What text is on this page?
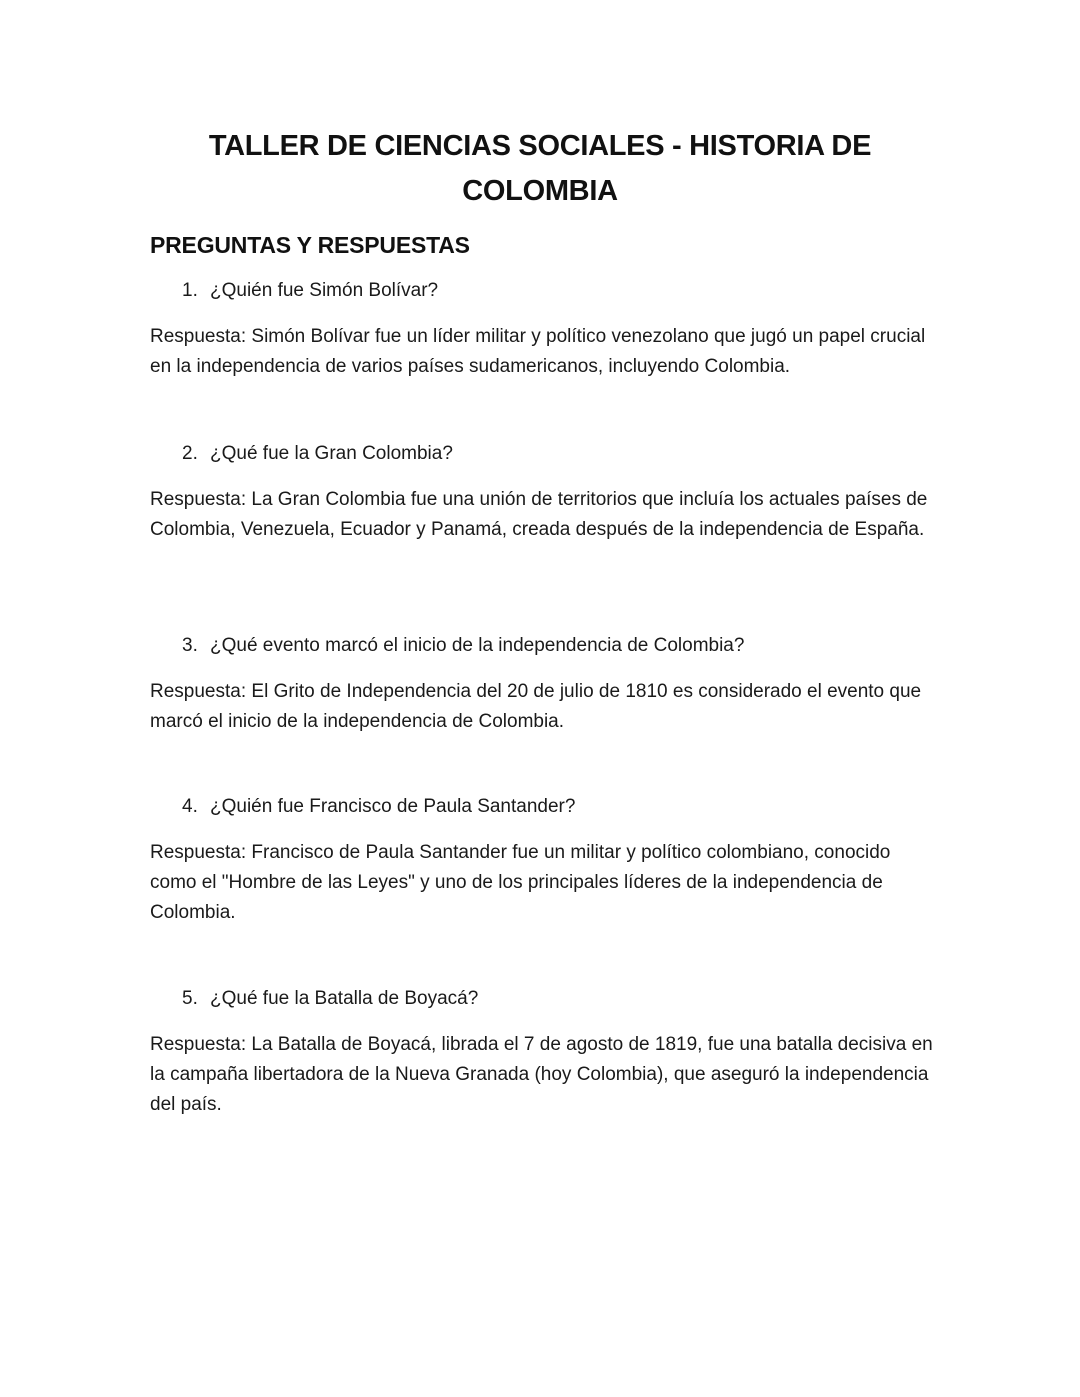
TALLER DE CIENCIAS SOCIALES - HISTORIA DE COLOMBIA
PREGUNTAS Y RESPUESTAS
1. ¿Quién fue Simón Bolívar?
Respuesta: Simón Bolívar fue un líder militar y político venezolano que jugó un papel crucial en la independencia de varios países sudamericanos, incluyendo Colombia.
2. ¿Qué fue la Gran Colombia?
Respuesta: La Gran Colombia fue una unión de territorios que incluía los actuales países de Colombia, Venezuela, Ecuador y Panamá, creada después de la independencia de España.
3. ¿Qué evento marcó el inicio de la independencia de Colombia?
Respuesta: El Grito de Independencia del 20 de julio de 1810 es considerado el evento que marcó el inicio de la independencia de Colombia.
4. ¿Quién fue Francisco de Paula Santander?
Respuesta: Francisco de Paula Santander fue un militar y político colombiano, conocido como el "Hombre de las Leyes" y uno de los principales líderes de la independencia de Colombia.
5. ¿Qué fue la Batalla de Boyacá?
Respuesta: La Batalla de Boyacá, librada el 7 de agosto de 1819, fue una batalla decisiva en la campaña libertadora de la Nueva Granada (hoy Colombia), que aseguró la independencia del país.
